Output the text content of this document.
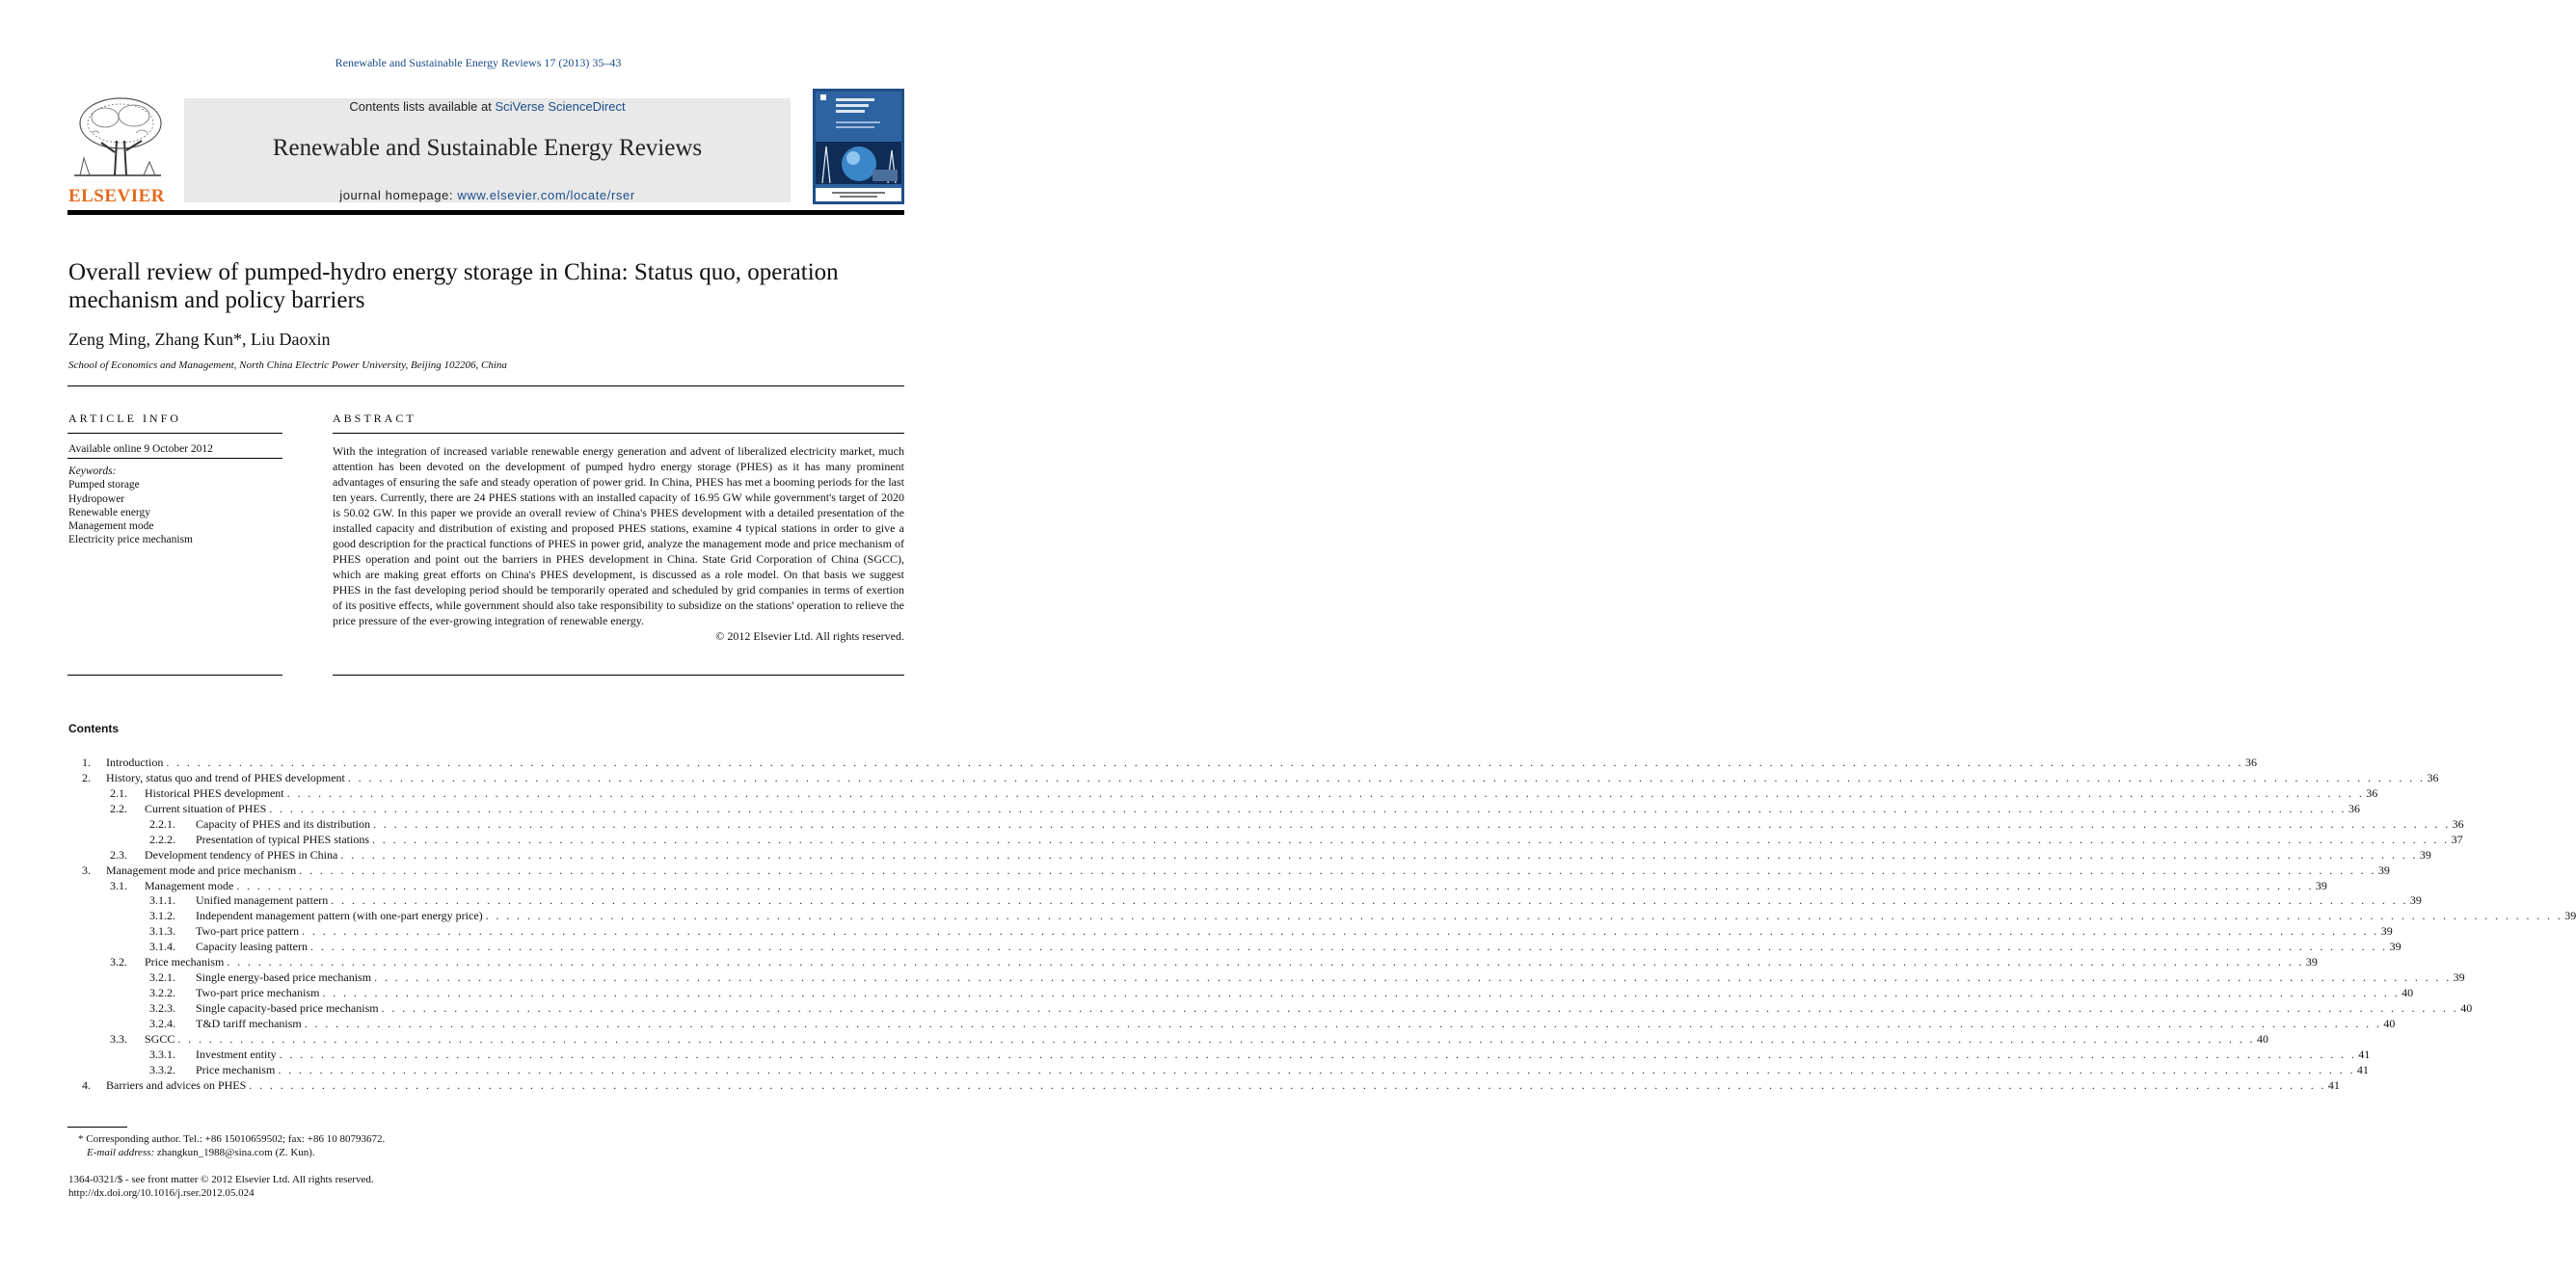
Renewable and Sustainable Energy Reviews 17 (2013) 35–43
ELSEVIER
Contents lists available at SciVerse ScienceDirect
Renewable and Sustainable Energy Reviews
journal homepage: www.elsevier.com/locate/rser
Overall review of pumped-hydro energy storage in China: Status quo, operation mechanism and policy barriers
Zeng Ming, Zhang Kun*, Liu Daoxin
School of Economics and Management, North China Electric Power University, Beijing 102206, China
ARTICLE INFO
Available online 9 October 2012
Keywords:
Pumped storage
Hydropower
Renewable energy
Management mode
Electricity price mechanism
ABSTRACT
With the integration of increased variable renewable energy generation and advent of liberalized electricity market, much attention has been devoted on the development of pumped hydro energy storage (PHES) as it has many prominent advantages of ensuring the safe and steady operation of power grid. In China, PHES has met a booming periods for the last ten years. Currently, there are 24 PHES stations with an installed capacity of 16.95 GW while government's target of 2020 is 50.02 GW. In this paper we provide an overall review of China's PHES development with a detailed presentation of the installed capacity and distribution of existing and proposed PHES stations, examine 4 typical stations in order to give a good description for the practical functions of PHES in power grid, analyze the management mode and price mechanism of PHES operation and point out the barriers in PHES development in China. State Grid Corporation of China (SGCC), which are making great efforts on China's PHES development, is discussed as a role model. On that basis we suggest PHES in the fast developing period should be temporarily operated and scheduled by grid companies in terms of exertion of its positive effects, while government should also take responsibility to subsidize on the stations' operation to relieve the price pressure of the ever-growing integration of renewable energy.
© 2012 Elsevier Ltd. All rights reserved.
Contents
1. Introduction . . . . . . . . . . . . . . . . . . . . . . . . . . . . . . . . . . . . . . . . . . . . . . . . . . . . . . . . . . . . . . . . . . . . . . . . . . . . . . . . . . . . . . . . . . . . . . . . . . . . . . . . . . . . . . . . . . . . . . . . . . . . . . . . . . . . . . . . . . . . . . . . . . . . . . . . . . . . . . . . . . . . . . . . . . . . . . . . . . . . . . . . . . . . . . . . . . . . . . . . 36
2. History, status quo and trend of PHES development . . . . . . . . . . . . . . . . . . . . . . . . . . . . . . . . . . . . . . . . . . . . . . . . . . . . . . . . . . . . . . . . . . . . . . . . . . . . . . . . . . . . . . . . . . . . . . . . . . . . . . . . . . . . . . . . . . . . . . . . . . . . . . . . . . . . . . . . . . . . . . . . . . . . . . . . . . . . . . . . . . . . . . . . . . . . . . . . . . . . . . . . . . . . . . . . . . . . . . . . 36
2.1. Historical PHES development . . . . . . . . . . . . . . . . . . . . . . . . . . . . . . . . . . . . . . . . . . . . . . . . . . . . . . . . . . . . . . . . . . . . . . . . . . . . . . . . . . . . . . . . . . . . . . . . . . . . . . . . . . . . . . . . . . . . . . . . . . . . . . . . . . . . . . . . . . . . . . . . . . . . . . . . . . . . . . . . . . . . . . . . . . . . . . . . . . . . . . . . . . . . . . . . . . . . . . . . 36
2.2. Current situation of PHES . . . . . . . . . . . . . . . . . . . . . . . . . . . . . . . . . . . . . . . . . . . . . . . . . . . . . . . . . . . . . . . . . . . . . . . . . . . . . . . . . . . . . . . . . . . . . . . . . . . . . . . . . . . . . . . . . . . . . . . . . . . . . . . . . . . . . . . . . . . . . . . . . . . . . . . . . . . . . . . . . . . . . . . . . . . . . . . . . . . . . . . . . . . . . . . . . . . . . . . . 36
2.2.1. Capacity of PHES and its distribution . . . . . . . . . . . . . . . . . . . . . . . . . . . . . . . . . . . . . . . . . . . . . . . . . . . . . . . . . . . . . . . . . . . . . . . . . . . . . . . . . . . . . . . . . . . . . . . . . . . . . . . . . . . . . . . . . . . . . . . . . . . . . . . . . . . . . . . . . . . . . . . . . . . . . . . . . . . . . . . . . . . . . . . . . . . . . . . . . . . . . . . . . . . . . . . . . . . . . . . . 36
2.2.2. Presentation of typical PHES stations . . . . . . . . . . . . . . . . . . . . . . . . . . . . . . . . . . . . . . . . . . . . . . . . . . . . . . . . . . . . . . . . . . . . . . . . . . . . . . . . . . . . . . . . . . . . . . . . . . . . . . . . . . . . . . . . . . . . . . . . . . . . . . . . . . . . . . . . . . . . . . . . . . . . . . . . . . . . . . . . . . . . . . . . . . . . . . . . . . . . . . . . . . . . . . . . . . . . . . . . 37
2.3. Development tendency of PHES in China . . . . . . . . . . . . . . . . . . . . . . . . . . . . . . . . . . . . . . . . . . . . . . . . . . . . . . . . . . . . . . . . . . . . . . . . . . . . . . . . . . . . . . . . . . . . . . . . . . . . . . . . . . . . . . . . . . . . . . . . . . . . . . . . . . . . . . . . . . . . . . . . . . . . . . . . . . . . . . . . . . . . . . . . . . . . . . . . . . . . . . . . . . . . . . . . . . . . . . . . 39
3. Management mode and price mechanism . . . . . . . . . . . . . . . . . . . . . . . . . . . . . . . . . . . . . . . . . . . . . . . . . . . . . . . . . . . . . . . . . . . . . . . . . . . . . . . . . . . . . . . . . . . . . . . . . . . . . . . . . . . . . . . . . . . . . . . . . . . . . . . . . . . . . . . . . . . . . . . . . . . . . . . . . . . . . . . . . . . . . . . . . . . . . . . . . . . . . . . . . . . . . . . . . . . . . . . . 39
3.1. Management mode . . . . . . . . . . . . . . . . . . . . . . . . . . . . . . . . . . . . . . . . . . . . . . . . . . . . . . . . . . . . . . . . . . . . . . . . . . . . . . . . . . . . . . . . . . . . . . . . . . . . . . . . . . . . . . . . . . . . . . . . . . . . . . . . . . . . . . . . . . . . . . . . . . . . . . . . . . . . . . . . . . . . . . . . . . . . . . . . . . . . . . . . . . . . . . . . . . . . . . . . 39
3.1.1. Unified management pattern . . . . . . . . . . . . . . . . . . . . . . . . . . . . . . . . . . . . . . . . . . . . . . . . . . . . . . . . . . . . . . . . . . . . . . . . . . . . . . . . . . . . . . . . . . . . . . . . . . . . . . . . . . . . . . . . . . . . . . . . . . . . . . . . . . . . . . . . . . . . . . . . . . . . . . . . . . . . . . . . . . . . . . . . . . . . . . . . . . . . . . . . . . . . . . . . . . . . . . . . 39
3.1.2. Independent management pattern (with one-part energy price) . . . . . . . . . . . . . . . . . . . . . . . . . . . . . . . . . . . . . . . . . . . . . . . . . . . . . . . . . . . . . . . . . . . . . . . . . . . . . . . . . . . . . . . . . . . . . . . . . . . . . . . . . . . . . . . . . . . . . . . . . . . . . . . . . . . . . . . . . . . . . . . . . . . . . . . . . . . . . . . . . . . . . . . . . . . . . . . . . . . . . . . . . . . . . . . . . . . . . . . . 39
3.1.3. Two-part price pattern . . . . . . . . . . . . . . . . . . . . . . . . . . . . . . . . . . . . . . . . . . . . . . . . . . . . . . . . . . . . . . . . . . . . . . . . . . . . . . . . . . . . . . . . . . . . . . . . . . . . . . . . . . . . . . . . . . . . . . . . . . . . . . . . . . . . . . . . . . . . . . . . . . . . . . . . . . . . . . . . . . . . . . . . . . . . . . . . . . . . . . . . . . . . . . . . . . . . . . . . 39
3.1.4. Capacity leasing pattern . . . . . . . . . . . . . . . . . . . . . . . . . . . . . . . . . . . . . . . . . . . . . . . . . . . . . . . . . . . . . . . . . . . . . . . . . . . . . . . . . . . . . . . . . . . . . . . . . . . . . . . . . . . . . . . . . . . . . . . . . . . . . . . . . . . . . . . . . . . . . . . . . . . . . . . . . . . . . . . . . . . . . . . . . . . . . . . . . . . . . . . . . . . . . . . . . . . . . . . . 39
3.2. Price mechanism . . . . . . . . . . . . . . . . . . . . . . . . . . . . . . . . . . . . . . . . . . . . . . . . . . . . . . . . . . . . . . . . . . . . . . . . . . . . . . . . . . . . . . . . . . . . . . . . . . . . . . . . . . . . . . . . . . . . . . . . . . . . . . . . . . . . . . . . . . . . . . . . . . . . . . . . . . . . . . . . . . . . . . . . . . . . . . . . . . . . . . . . . . . . . . . . . . . . . . . . 39
3.2.1. Single energy-based price mechanism . . . . . . . . . . . . . . . . . . . . . . . . . . . . . . . . . . . . . . . . . . . . . . . . . . . . . . . . . . . . . . . . . . . . . . . . . . . . . . . . . . . . . . . . . . . . . . . . . . . . . . . . . . . . . . . . . . . . . . . . . . . . . . . . . . . . . . . . . . . . . . . . . . . . . . . . . . . . . . . . . . . . . . . . . . . . . . . . . . . . . . . . . . . . . . . . . . . . . . . . 39
3.2.2. Two-part price mechanism . . . . . . . . . . . . . . . . . . . . . . . . . . . . . . . . . . . . . . . . . . . . . . . . . . . . . . . . . . . . . . . . . . . . . . . . . . . . . . . . . . . . . . . . . . . . . . . . . . . . . . . . . . . . . . . . . . . . . . . . . . . . . . . . . . . . . . . . . . . . . . . . . . . . . . . . . . . . . . . . . . . . . . . . . . . . . . . . . . . . . . . . . . . . . . . . . . . . . . . . 40
3.2.3. Single capacity-based price mechanism . . . . . . . . . . . . . . . . . . . . . . . . . . . . . . . . . . . . . . . . . . . . . . . . . . . . . . . . . . . . . . . . . . . . . . . . . . . . . . . . . . . . . . . . . . . . . . . . . . . . . . . . . . . . . . . . . . . . . . . . . . . . . . . . . . . . . . . . . . . . . . . . . . . . . . . . . . . . . . . . . . . . . . . . . . . . . . . . . . . . . . . . . . . . . . . . . . . . . . . . 40
3.2.4. T&D tariff mechanism . . . . . . . . . . . . . . . . . . . . . . . . . . . . . . . . . . . . . . . . . . . . . . . . . . . . . . . . . . . . . . . . . . . . . . . . . . . . . . . . . . . . . . . . . . . . . . . . . . . . . . . . . . . . . . . . . . . . . . . . . . . . . . . . . . . . . . . . . . . . . . . . . . . . . . . . . . . . . . . . . . . . . . . . . . . . . . . . . . . . . . . . . . . . . . . . . . . . . . . . 40
3.3. SGCC . . . . . . . . . . . . . . . . . . . . . . . . . . . . . . . . . . . . . . . . . . . . . . . . . . . . . . . . . . . . . . . . . . . . . . . . . . . . . . . . . . . . . . . . . . . . . . . . . . . . . . . . . . . . . . . . . . . . . . . . . . . . . . . . . . . . . . . . . . . . . . . . . . . . . . . . . . . . . . . . . . . . . . . . . . . . . . . . . . . . . . . . . . . . . . . . . . . . . . . . 40
3.3.1. Investment entity . . . . . . . . . . . . . . . . . . . . . . . . . . . . . . . . . . . . . . . . . . . . . . . . . . . . . . . . . . . . . . . . . . . . . . . . . . . . . . . . . . . . . . . . . . . . . . . . . . . . . . . . . . . . . . . . . . . . . . . . . . . . . . . . . . . . . . . . . . . . . . . . . . . . . . . . . . . . . . . . . . . . . . . . . . . . . . . . . . . . . . . . . . . . . . . . . . . . . . . . 41
3.3.2. Price mechanism . . . . . . . . . . . . . . . . . . . . . . . . . . . . . . . . . . . . . . . . . . . . . . . . . . . . . . . . . . . . . . . . . . . . . . . . . . . . . . . . . . . . . . . . . . . . . . . . . . . . . . . . . . . . . . . . . . . . . . . . . . . . . . . . . . . . . . . . . . . . . . . . . . . . . . . . . . . . . . . . . . . . . . . . . . . . . . . . . . . . . . . . . . . . . . . . . . . . . . . . 41
4. Barriers and advices on PHES . . . . . . . . . . . . . . . . . . . . . . . . . . . . . . . . . . . . . . . . . . . . . . . . . . . . . . . . . . . . . . . . . . . . . . . . . . . . . . . . . . . . . . . . . . . . . . . . . . . . . . . . . . . . . . . . . . . . . . . . . . . . . . . . . . . . . . . . . . . . . . . . . . . . . . . . . . . . . . . . . . . . . . . . . . . . . . . . . . . . . . . . . . . . . . . . . . . . . . . . 41
* Corresponding author. Tel.: +86 15010659502; fax: +86 10 80793672.
E-mail address: zhangkun_1988@sina.com (Z. Kun).
1364-0321/$ - see front matter © 2012 Elsevier Ltd. All rights reserved.
http://dx.doi.org/10.1016/j.rser.2012.05.024
